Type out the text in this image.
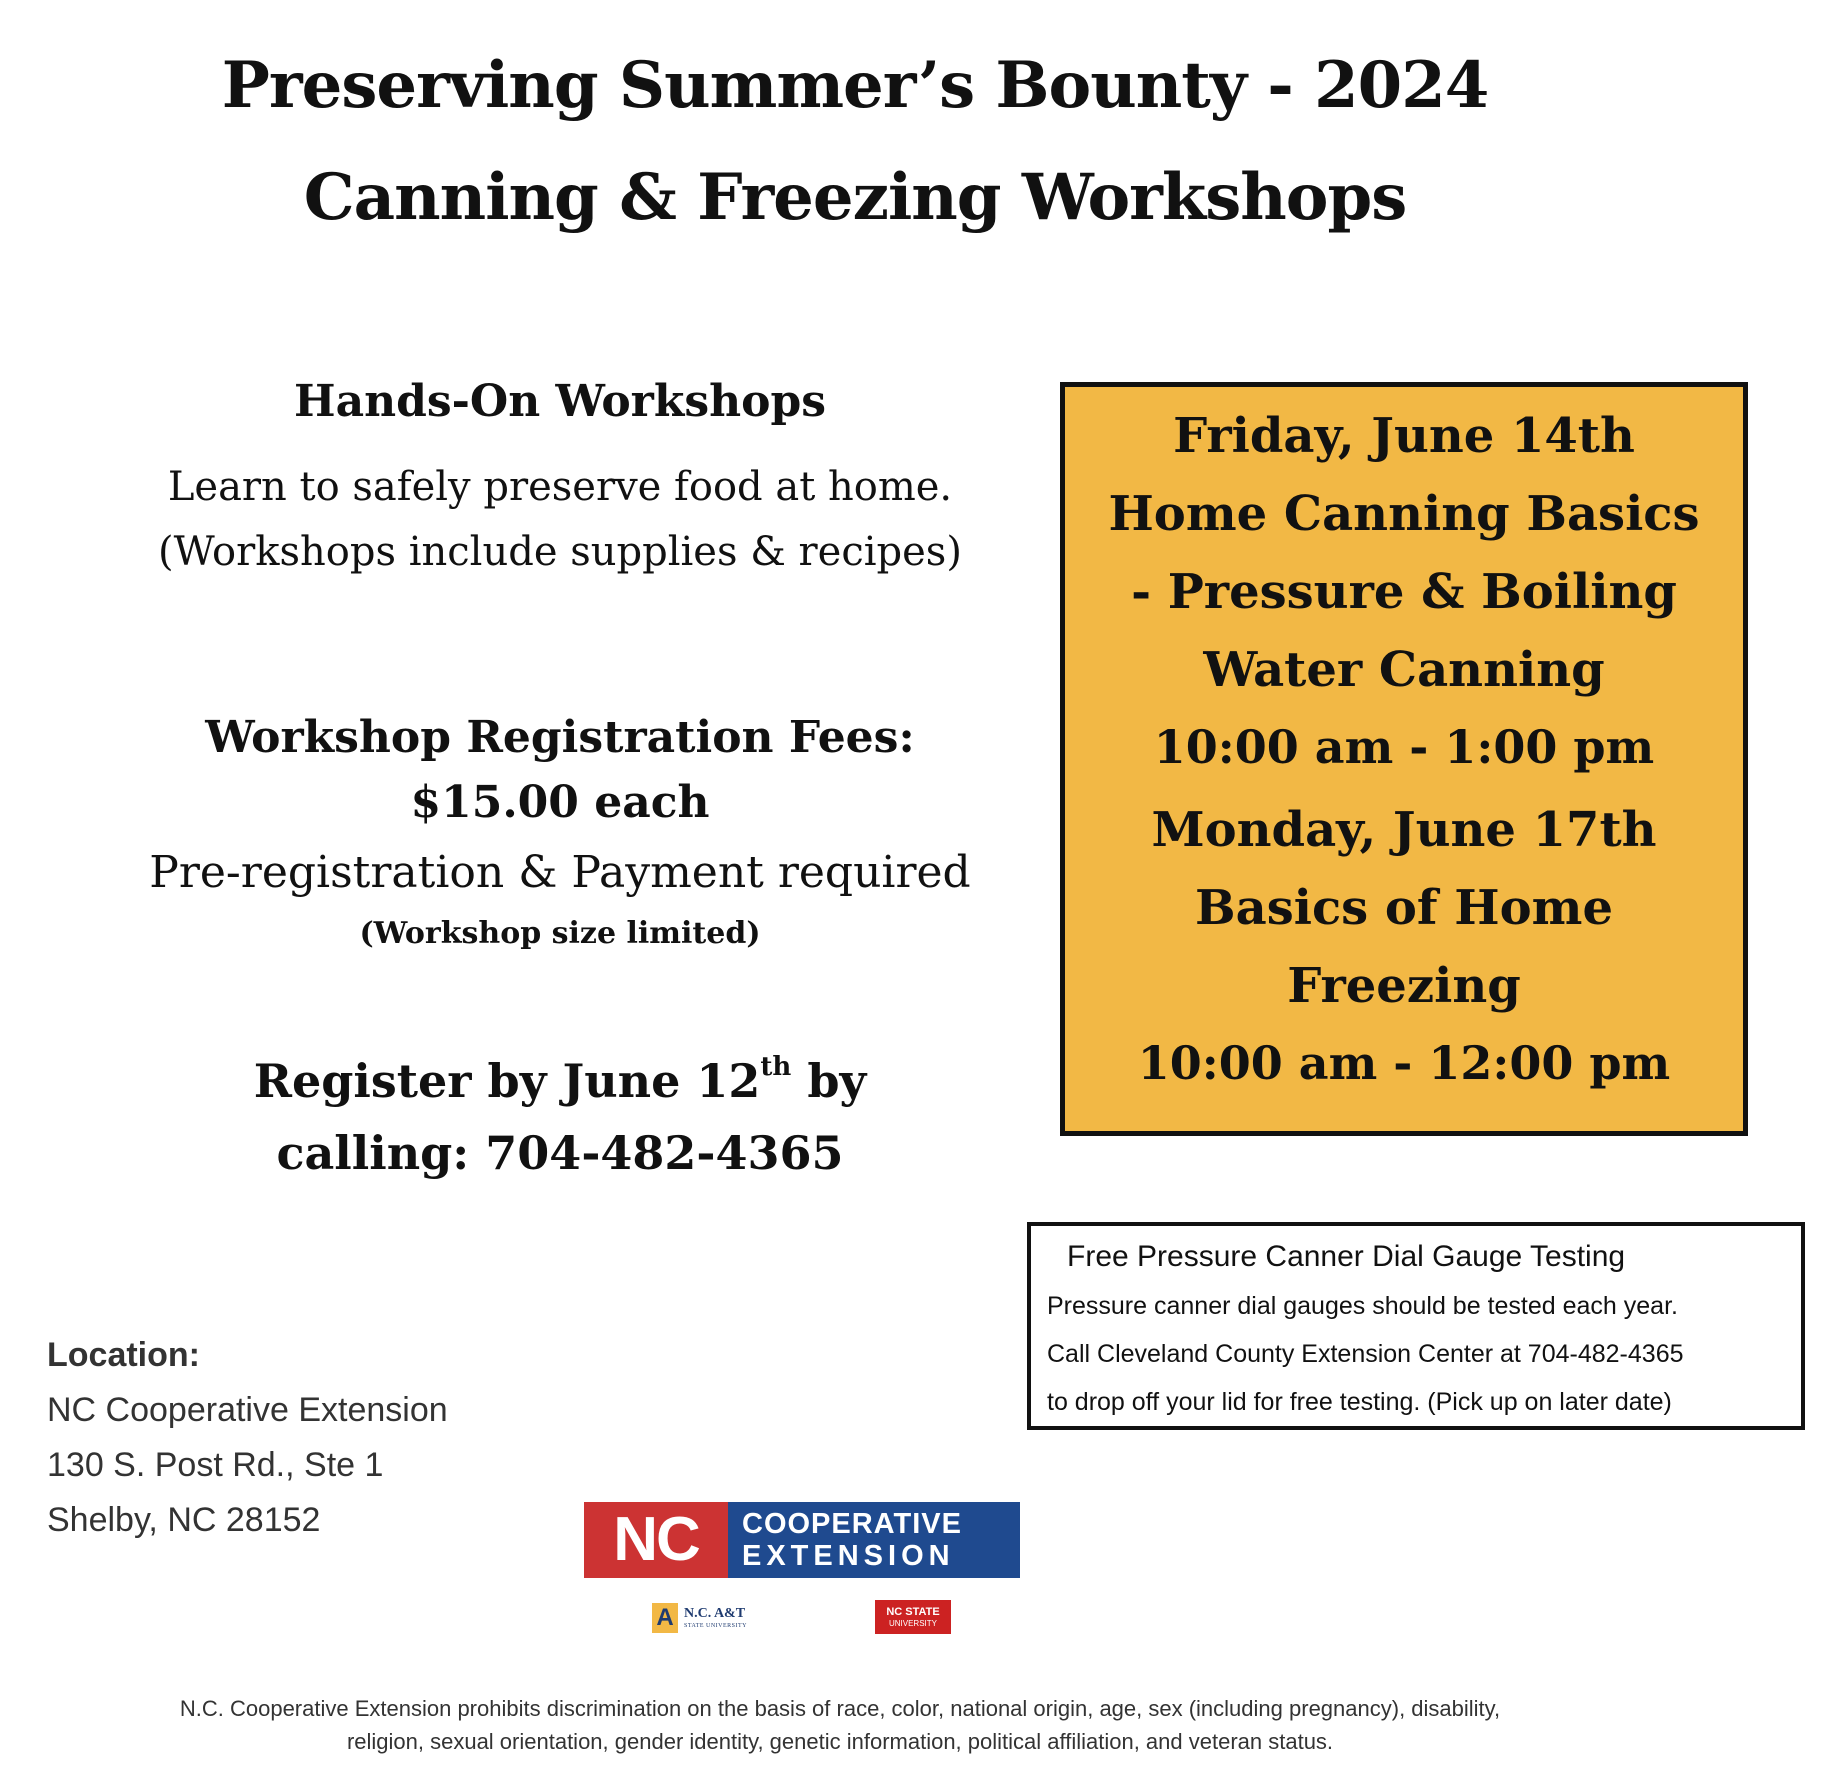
Preserving Summer’s Bounty - 2024
Canning & Freezing Workshops
Hands-On Workshops
Learn to safely preserve food at home.
(Workshops include supplies & recipes)
Workshop Registration Fees:
$15.00 each
Pre-registration & Payment required
(Workshop size limited)
Register by June 12th by
calling: 704-482-4365
Friday, June 14th
Home Canning Basics
- Pressure & Boiling
Water Canning
10:00 am - 1:00 pm
Monday, June 17th
Basics of Home
Freezing
10:00 am - 12:00 pm
Free Pressure Canner Dial Gauge Testing
Pressure canner dial gauges should be tested each year.
Call Cleveland County Extension Center at 704-482-4365
to drop off your lid for free testing. (Pick up on later date)
Location:
NC Cooperative Extension
130 S. Post Rd., Ste 1
Shelby, NC 28152	NC	COOPERATIVE
EXTENSION
A N.C. A&T
STATE UNIVERSITY
NC STATE
UNIVERSITY
N.C. Cooperative Extension prohibits discrimination on the basis of race, color, national origin, age, sex (including pregnancy), disability,
religion, sexual orientation, gender identity, genetic information, political affiliation, and veteran status.
